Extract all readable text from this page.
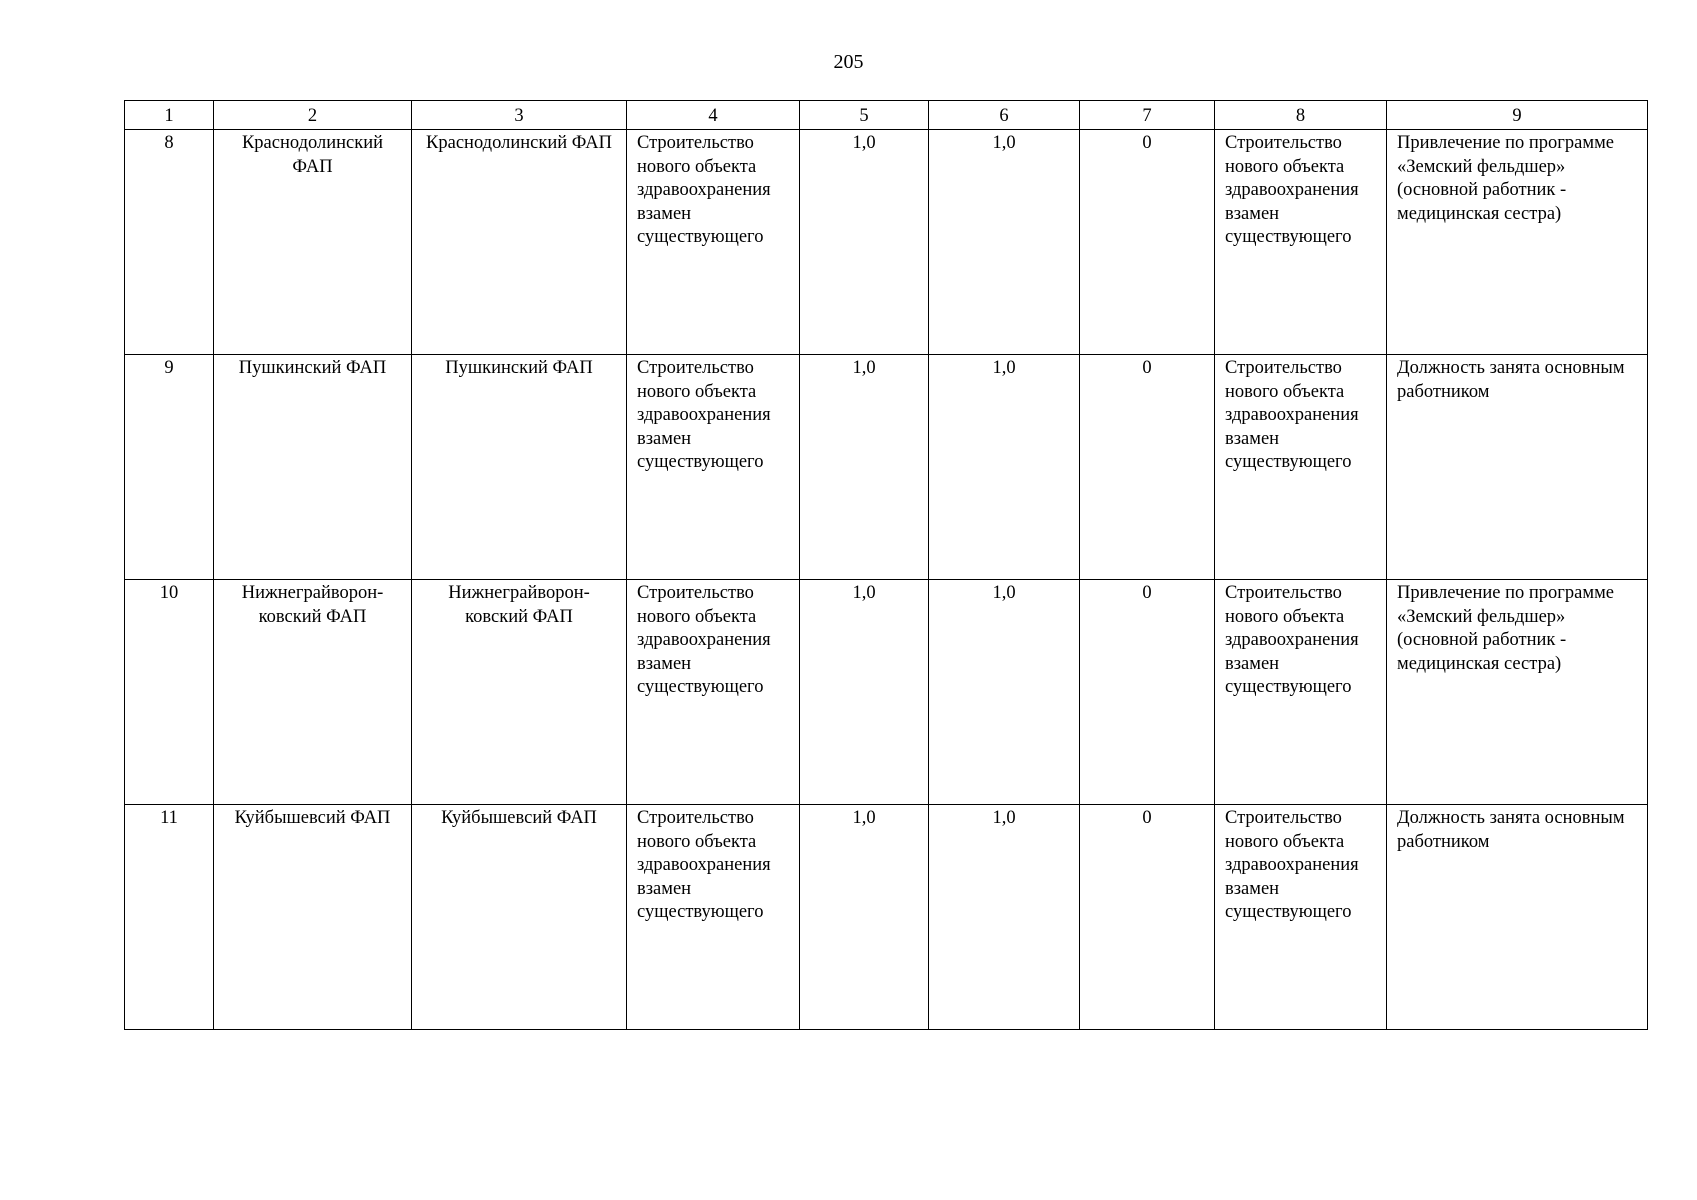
205
1	2	3	4	5	6	7	8	9
8	Краснодолинский ФАП	Краснодолинский ФАП	Строительство нового объекта здравоохранения взамен существующего	1,0	1,0	0	Строительство нового объекта здравоохранения взамен существующего	Привлечение по программе «Земский фельдшер» (основной работник - медицинская сестра)
9	Пушкинский ФАП	Пушкинский ФАП	Строительство нового объекта здравоохранения взамен существующего	1,0	1,0	0	Строительство нового объекта здравоохранения взамен существующего	Должность занята основным работником
10	Нижнеграйворон-ковский ФАП	Нижнеграйворон-ковский ФАП	Строительство нового объекта здравоохранения взамен существующего	1,0	1,0	0	Строительство нового объекта здравоохранения взамен существующего	Привлечение по программе «Земский фельдшер» (основной работник - медицинская сестра)
11	Куйбышевсий ФАП	Куйбышевсий ФАП	Строительство нового объекта здравоохранения взамен существующего	1,0	1,0	0	Строительство нового объекта здравоохранения взамен существующего	Должность занята основным работником
